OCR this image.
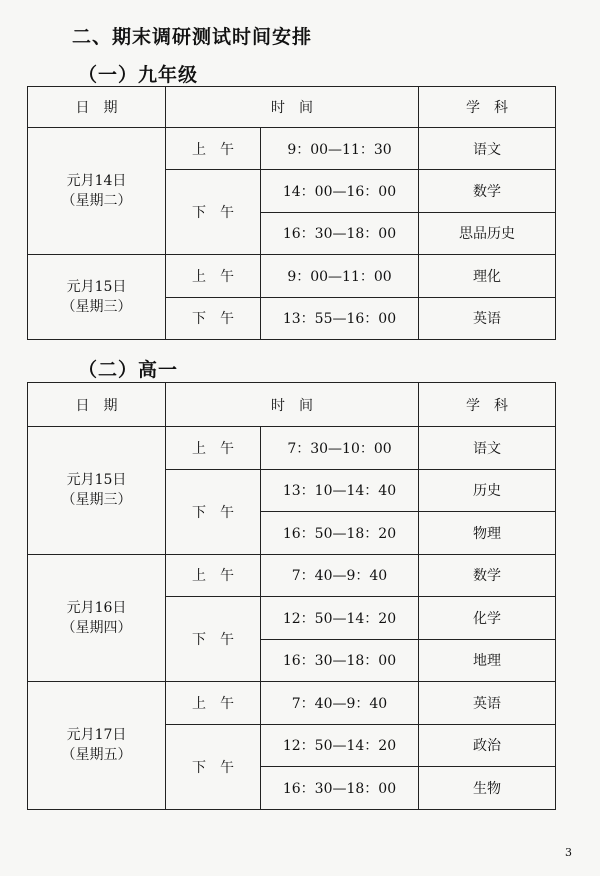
二、期末调研测试时间安排
（一）九年级
日　期	时　间		学　科

元月14日
（星期二）	上　午	9：00—11：30	语文
	下　午	14：00—16：00	数学
		16：30—18：00	思品历史

元月15日
（星期三）	上　午	9：00—11：00	理化
	下　午	13：55—16：00	英语
（二）高一
日　期	时　间		学　科

元月15日
（星期三）	上　午	7：30—10：00	语文
	下　午	13：10—14：40	历史
		16：50—18：20	物理

元月16日
（星期四）	上　午	7：40—9：40	数学
	下　午	12：50—14：20	化学
		16：30—18：00	地理

元月17日
（星期五）	上　午	7：40—9：40	英语
	下　午	12：50—14：20	政治
		16：30—18：00	生物
3
